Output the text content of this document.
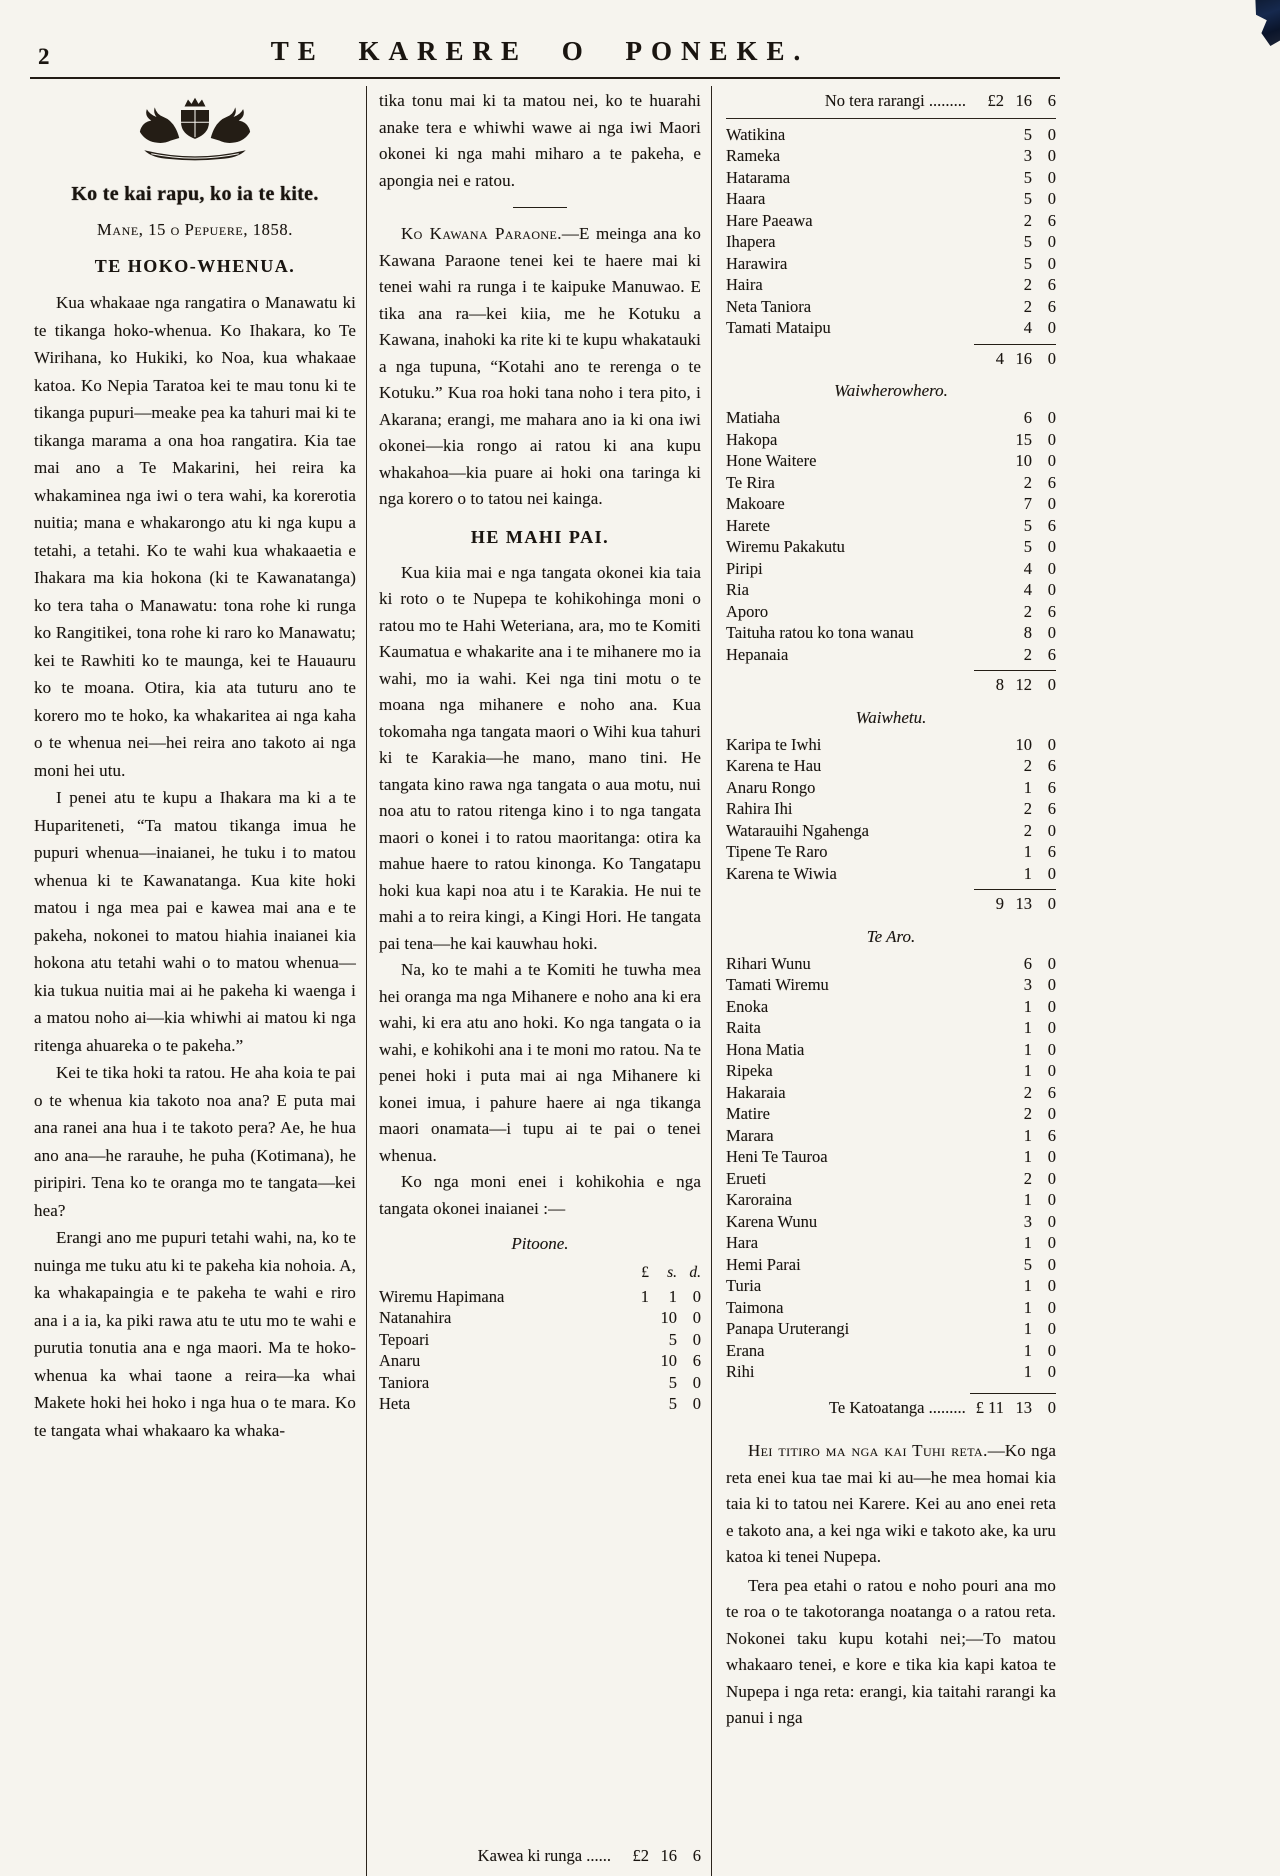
2	TE KARERE O PONEKE.
Ko te kai rapu, ko ia te kite.
Mane, 15 o Pepuere, 1858.
TE HOKO-WHENUA.

Kua whakaae nga rangatira o Manawatu ki te tikanga hoko-whenua. Ko Ihakara, ko Te Wirihana, ko Hukiki, ko Noa, kua whakaae katoa. Ko Nepia Taratoa kei te mau tonu ki te tikanga pupuri—meake pea ka tahuri mai ki te tikanga marama a ona hoa rangatira. Kia tae mai ano a Te Makarini, hei reira ka whakaminea nga iwi o tera wahi, ka korerotia nuitia; mana e whakarongo atu ki nga kupu a tetahi, a tetahi. Ko te wahi kua whakaaetia e Ihakara ma kia hokona (ki te Kawanatanga) ko tera taha o Manawatu: tona rohe ki runga ko Rangitikei, tona rohe ki raro ko Manawatu; kei te Rawhiti ko te maunga, kei te Hauauru ko te moana. Otira, kia ata tuturu ano te korero mo te hoko, ka whakaritea ai nga kaha o te whenua nei—hei reira ano takoto ai nga moni hei utu.

I penei atu te kupu a Ihakara ma ki a te Hupariteneti, “Ta matou tikanga imua he pupuri whenua—inaianei, he tuku i to matou whenua ki te Kawanatanga. Kua kite hoki matou i nga mea pai e kawea mai ana e te pakeha, nokonei to matou hiahia inaianei kia hokona atu tetahi wahi o to matou whenua—kia tukua nuitia mai ai he pakeha ki waenga i a matou noho ai—kia whiwhi ai matou ki nga ritenga ahuareka o te pakeha.”

Kei te tika hoki ta ratou. He aha koia te pai o te whenua kia takoto noa ana? E puta mai ana ranei ana hua i te takoto pera? Ae, he hua ano ana—he rarauhe, he puha (Kotimana), he piripiri. Tena ko te oranga mo te tangata—kei hea?

Erangi ano me pupuri tetahi wahi, na, ko te nuinga me tuku atu ki te pakeha kia nohoia. A, ka whakapaingia e te pakeha te wahi e riro ana i a ia, ka piki rawa atu te utu mo te wahi e purutia tonutia ana e nga maori. Ma te hoko-whenua ka whai taone a reira—ka whai Makete hoki hei hoko i nga hua o te mara. Ko te tangata whai whakaaro ka whaka-

tika tonu mai ki ta matou nei, ko te huarahi anake tera e whiwhi wawe ai nga iwi Maori okonei ki nga mahi miharo a te pakeha, e apongia nei e ratou.

Ko Kawana Paraone.—E meinga ana ko Kawana Paraone tenei kei te haere mai ki tenei wahi ra runga i te kaipuke Manuwao. E tika ana ra—kei kiia, me he Kotuku a Kawana, inahoki ka rite ki te kupu whakatauki a nga tupuna, “Kotahi ano te rerenga o te Kotuku.” Kua roa hoki tana noho i tera pito, i Akarana; erangi, me mahara ano ia ki ona iwi okonei—kia rongo ai ratou ki ana kupu whakahoa—kia puare ai hoki ona taringa ki nga korero o to tatou nei kainga.

HE MAHI PAI.

Kua kiia mai e nga tangata okonei kia taia ki roto o te Nupepa te kohikohinga moni o ratou mo te Hahi Weteriana, ara, mo te Komiti Kaumatua e whakarite ana i te mihanere mo ia wahi, mo ia wahi. Kei nga tini motu o te moana nga mihanere e noho ana. Kua tokomaha nga tangata maori o Wihi kua tahuri ki te Karakia—he mano, mano tini. He tangata kino rawa nga tangata o aua motu, nui noa atu to ratou ritenga kino i to nga tangata maori o konei i to ratou maoritanga: otira ka mahue haere to ratou kinonga. Ko Tangatapu hoki kua kapi noa atu i te Karakia. He nui te mahi a to reira kingi, a Kingi Hori. He tangata pai tena—he kai kauwhau hoki.

Na, ko te mahi a te Komiti he tuwha mea hei oranga ma nga Mihanere e noho ana ki era wahi, ki era atu ano hoki. Ko nga tangata o ia wahi, e kohikohi ana i te moni mo ratou. Na te penei hoki i puta mai ai nga Mihanere ki konei imua, i pahure haere ai nga tikanga maori onamata—i tupu ai te pai o tenei whenua.

Ko nga moni enei i kohikohia e nga tangata okonei inaianei :—

Pitoone.
£	s. d.
Wiremu Hapimana	1	1 0
Natanahira	10 0
Tepoari	5 0
Anaru	10 6
Taniora	5 0
Heta	5 0
Kawea ki runga ......	£2 16 6
No tera rarangi .........	£2 16 6
Watikina	5 0
Rameka	3 0
Hatarama	5 0
Haara	5 0
Hare Paeawa	2 6
Ihapera	5 0
Harawira	5 0
Haira	2 6
Neta Taniora	2 6
Tamati Mataipu	4 0
4 16 0
Waiwherowhero.
Matiaha	6 0
Hakopa	15 0
Hone Waitere	10 0
Te Rira	2 6
Makoare	7 0
Harete	5 6
Wiremu Pakakutu	5 0
Piripi	4 0
Ria	4 0
Aporo	2 6
Taituha ratou ko tona wanau	8 0
Hepanaia	2 6
8 12 0
Waiwhetu.
Karipa te Iwhi	10 0
Karena te Hau	2 6
Anaru Rongo	1 6
Rahira Ihi	2 6
Watarauihi Ngahenga	2 0
Tipene Te Raro	1 6
Karena te Wiwia	1 0
9 13 0
Te Aro.
Rihari Wunu	6 0
Tamati Wiremu	3 0
Enoka	1 0
Raita	1 0
Hona Matia	1 0
Ripeka	1 0
Hakaraia	2 6
Matire	2 0
Marara	1 6
Heni Te Tauroa	1 0
Erueti	2 0
Karoraina	1 0
Karena Wunu	3 0
Hara	1 0
Hemi Parai	5 0
Turia	1 0
Taimona	1 0
Panapa Uruterangi	1 0
Erana	1 0
Rihi	1 0
Te Katoatanga ......... £ 11 13 0

Hei titiro ma nga kai Tuhi reta.—Ko nga reta enei kua tae mai ki au—he mea homai kia taia ki to tatou nei Karere. Kei au ano enei reta e takoto ana, a kei nga wiki e takoto ake, ka uru katoa ki tenei Nupepa.

Tera pea etahi o ratou e noho pouri ana mo te roa o te takotoranga noatanga o a ratou reta. Nokonei taku kupu kotahi nei;—To matou whakaaro tenei, e kore e tika kia kapi katoa te Nupepa i nga reta: erangi, kia taitahi rarangi ka panui i nga
